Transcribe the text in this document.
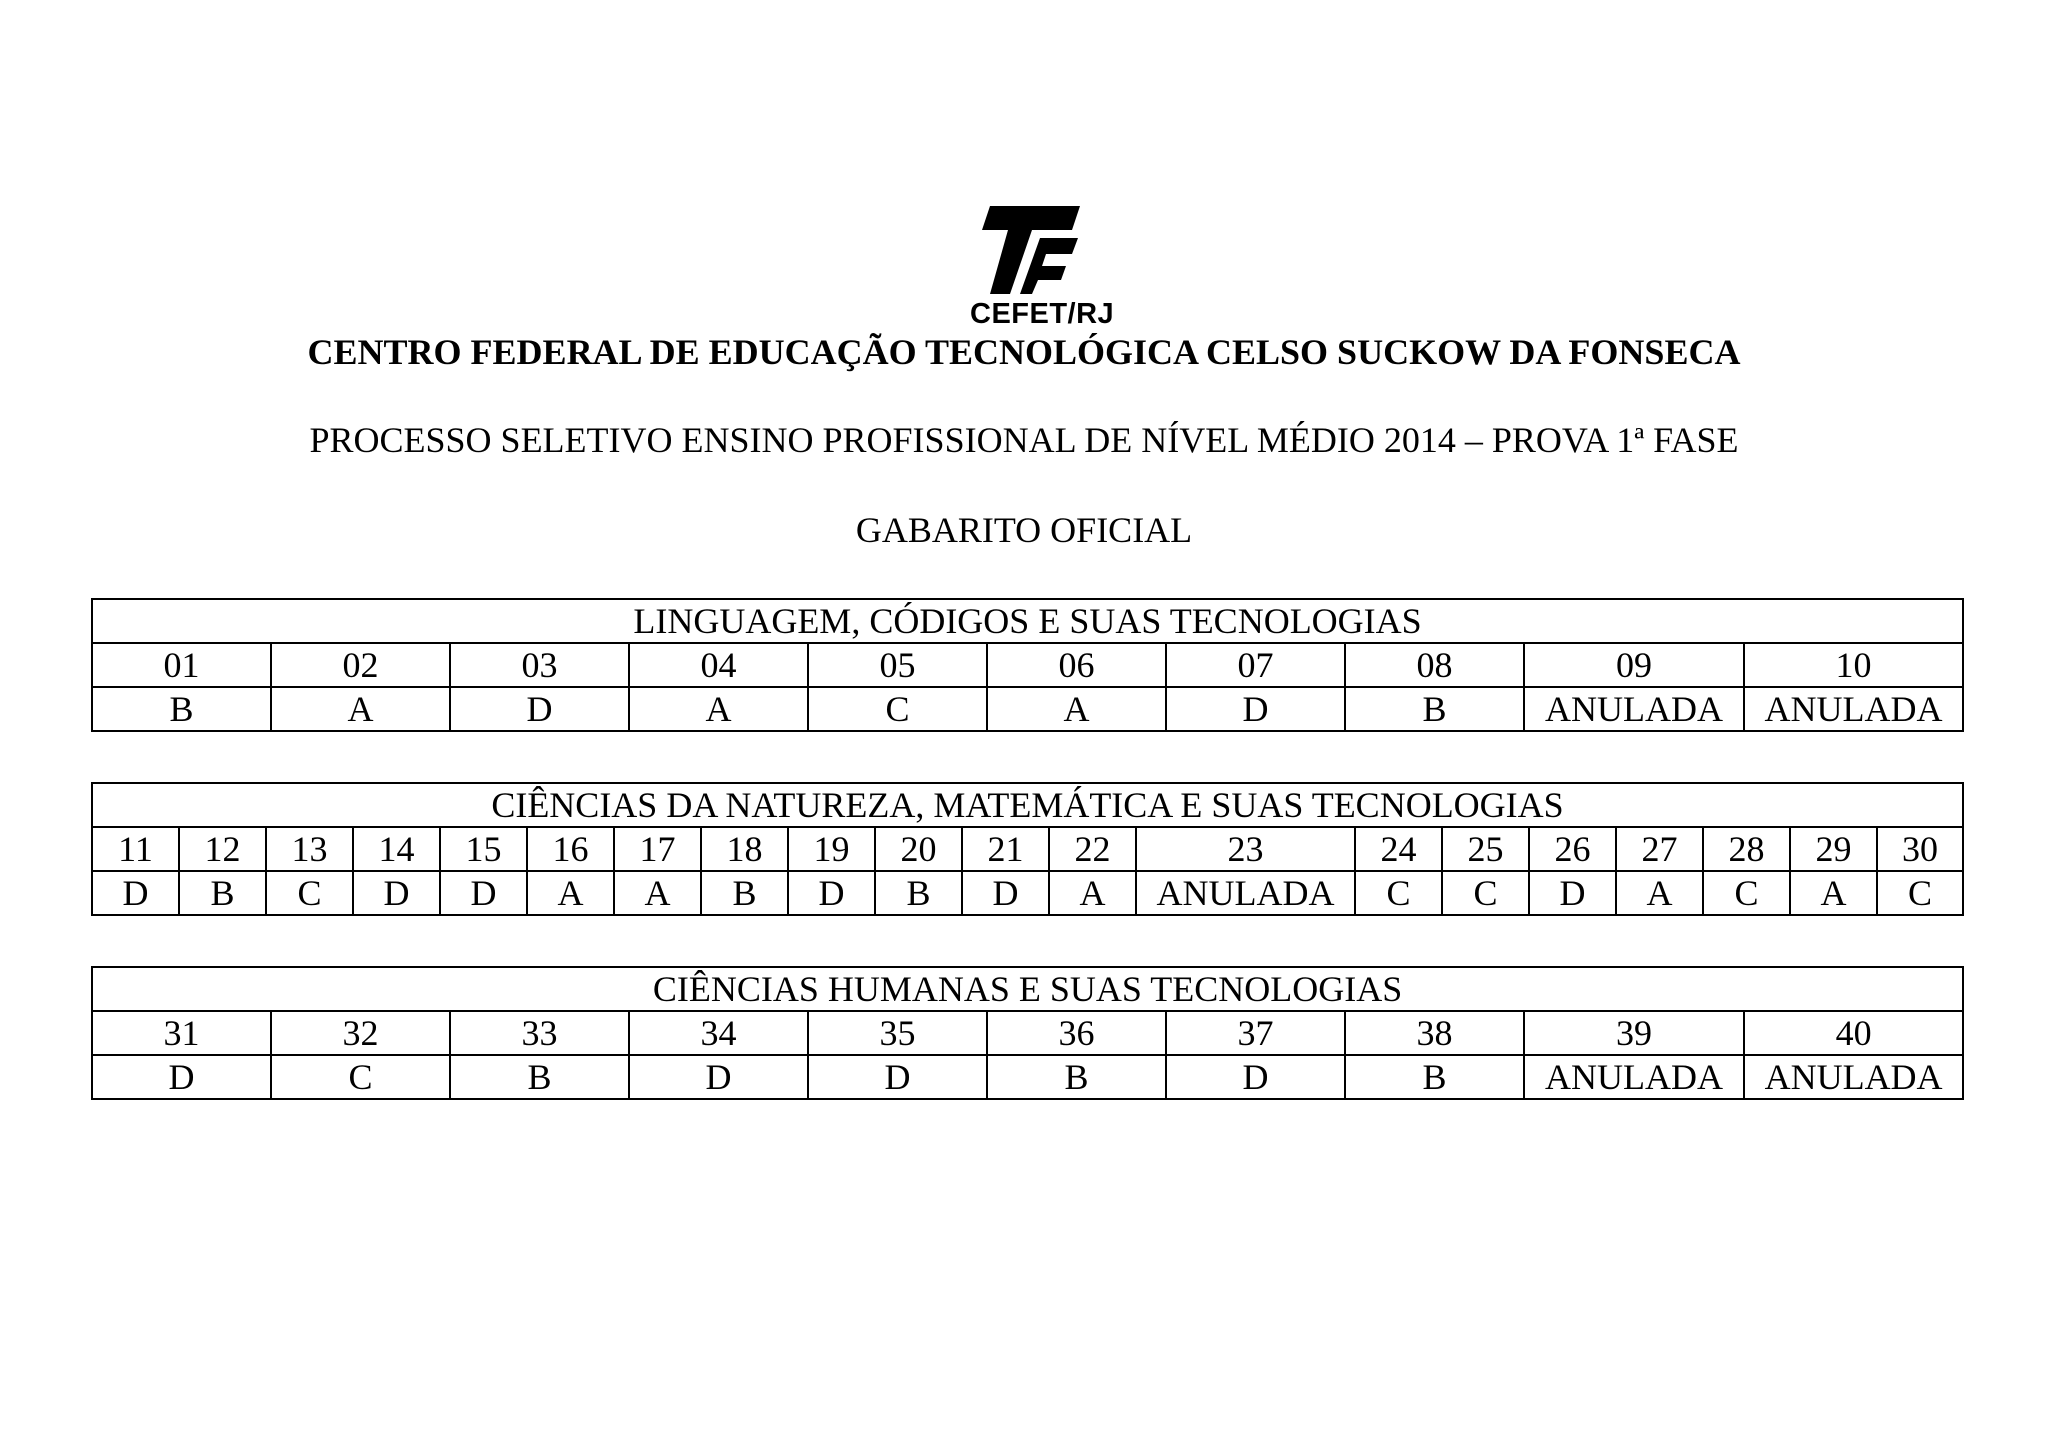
CEFET/RJ
CENTRO FEDERAL DE EDUCAÇÃO TECNOLÓGICA CELSO SUCKOW DA FONSECA
PROCESSO SELETIVO ENSINO PROFISSIONAL DE NÍVEL MÉDIO 2014 – PROVA 1ª FASE
GABARITO OFICIAL
LINGUAGEM, CÓDIGOS E SUAS TECNOLOGIAS									
01	02	03	04	05	06	07	08	09	10
B	A	D	A	C	A	D	B	ANULADA	ANULADA
CIÊNCIAS DA NATUREZA, MATEMÁTICA E SUAS TECNOLOGIAS																			
11	12	13	14	15	16	17	18	19	20	21	22	23	24	25	26	27	28	29	30
D	B	C	D	D	A	A	B	D	B	D	A	ANULADA	C	C	D	A	C	A	C
CIÊNCIAS HUMANAS E SUAS TECNOLOGIAS									
31	32	33	34	35	36	37	38	39	40
D	C	B	D	D	B	D	B	ANULADA	ANULADA
